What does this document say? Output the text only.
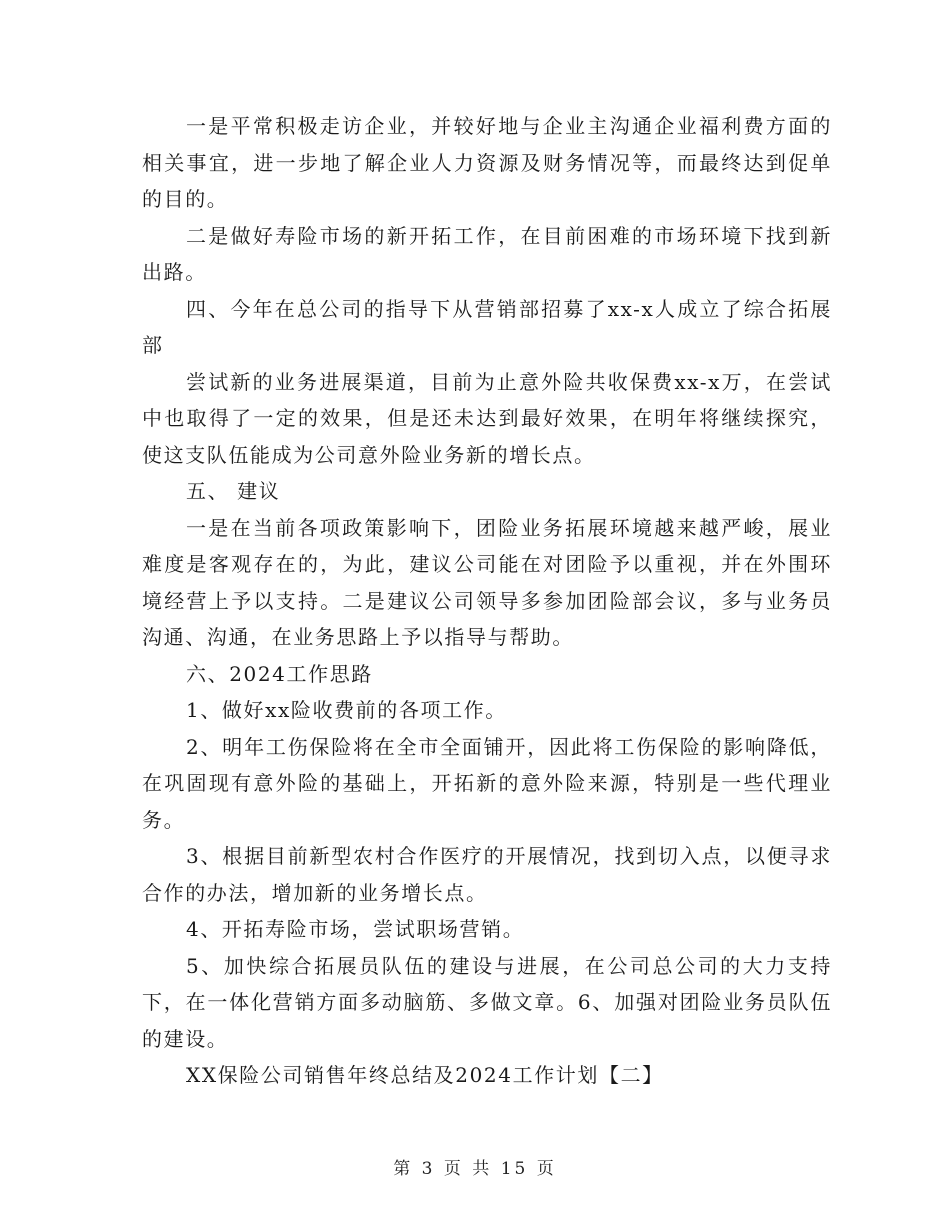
一是平常积极走访企业，并较好地与企业主沟通企业福利费方面的相关事宜，进一步地了解企业人力资源及财务情况等，而最终达到促单的目的。

二是做好寿险市场的新开拓工作，在目前困难的市场环境下找到新出路。

四、今年在总公司的指导下从营销部招募了xx-x人成立了综合拓展部

尝试新的业务进展渠道，目前为止意外险共收保费xx-x万，在尝试中也取得了一定的效果，但是还未达到最好效果，在明年将继续探究，使这支队伍能成为公司意外险业务新的增长点。

五、 建议

一是在当前各项政策影响下，团险业务拓展环境越来越严峻，展业难度是客观存在的，为此，建议公司能在对团险予以重视，并在外围环境经营上予以支持。二是建议公司领导多参加团险部会议，多与业务员沟通、沟通，在业务思路上予以指导与帮助。

六、2024工作思路

1、做好xx险收费前的各项工作。

2、明年工伤保险将在全市全面铺开，因此将工伤保险的影响降低，在巩固现有意外险的基础上，开拓新的意外险来源，特别是一些代理业务。

3、根据目前新型农村合作医疗的开展情况，找到切入点，以便寻求合作的办法，增加新的业务增长点。

4、开拓寿险市场，尝试职场营销。

5、加快综合拓展员队伍的建设与进展，在公司总公司的大力支持下，在一体化营销方面多动脑筋、多做文章。6、加强对团险业务员队伍的建设。

XX保险公司销售年终总结及2024工作计划【二】

第 3 页 共 15 页
